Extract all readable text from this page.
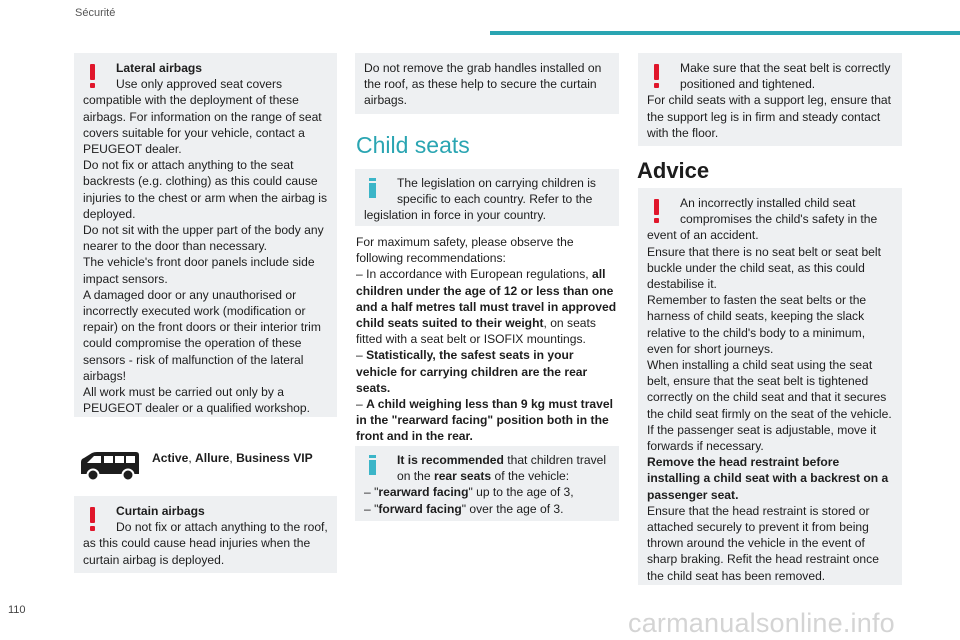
Sécurité

Lateral airbags

Use only approved seat covers

compatible with the deployment of these

airbags. For information on the range of seat

covers suitable for your vehicle, contact a

PEUGEOT dealer.

Do not fix or attach anything to the seat

backrests (e.g. clothing) as this could cause

injuries to the chest or arm when the airbag is

deployed.

Do not sit with the upper part of the body any

nearer to the door than necessary.

The vehicle's front door panels include side

impact sensors.

A damaged door or any unauthorised or

incorrectly executed work (modification or

repair) on the front doors or their interior trim

could compromise the operation of these

sensors - risk of malfunction of the lateral

airbags!

All work must be carried out only by a

PEUGEOT dealer or a qualified workshop.

Active, Allure, Business VIP

Curtain airbags

Do not fix or attach anything to the roof,

as this could cause head injuries when the

curtain airbag is deployed.

Do not remove the grab handles installed on

the roof, as these help to secure the curtain

airbags.

Child seats

The legislation on carrying children is

specific to each country. Refer to the

legislation in force in your country.

For maximum safety, please observe the

following recommendations:

– In accordance with European regulations, all

children under the age of 12 or less than one

and a half metres tall must travel in approved

child seats suited to their weight, on seats

fitted with a seat belt or ISOFIX mountings.

– Statistically, the safest seats in your

vehicle for carrying children are the rear

seats.

– A child weighing less than 9 kg must travel

in the "rearward facing" position both in the

front and in the rear.

It is recommended that children travel

on the rear seats of the vehicle:

– "rearward facing" up to the age of 3,

– "forward facing" over the age of 3.

Make sure that the seat belt is correctly

positioned and tightened.

For child seats with a support leg, ensure that

the support leg is in firm and steady contact

with the floor.

Advice

An incorrectly installed child seat

compromises the child's safety in the

event of an accident.

Ensure that there is no seat belt or seat belt

buckle under the child seat, as this could

destabilise it.

Remember to fasten the seat belts or the

harness of child seats, keeping the slack

relative to the child's body to a minimum,

even for short journeys.

When installing a child seat using the seat

belt, ensure that the seat belt is tightened

correctly on the child seat and that it secures

the child seat firmly on the seat of the vehicle.

If the passenger seat is adjustable, move it

forwards if necessary.

Remove the head restraint before

installing a child seat with a backrest on a

passenger seat.

Ensure that the head restraint is stored or

attached securely to prevent it from being

thrown around the vehicle in the event of

sharp braking. Refit the head restraint once

the child seat has been removed.

110	carmanualsonline.info
